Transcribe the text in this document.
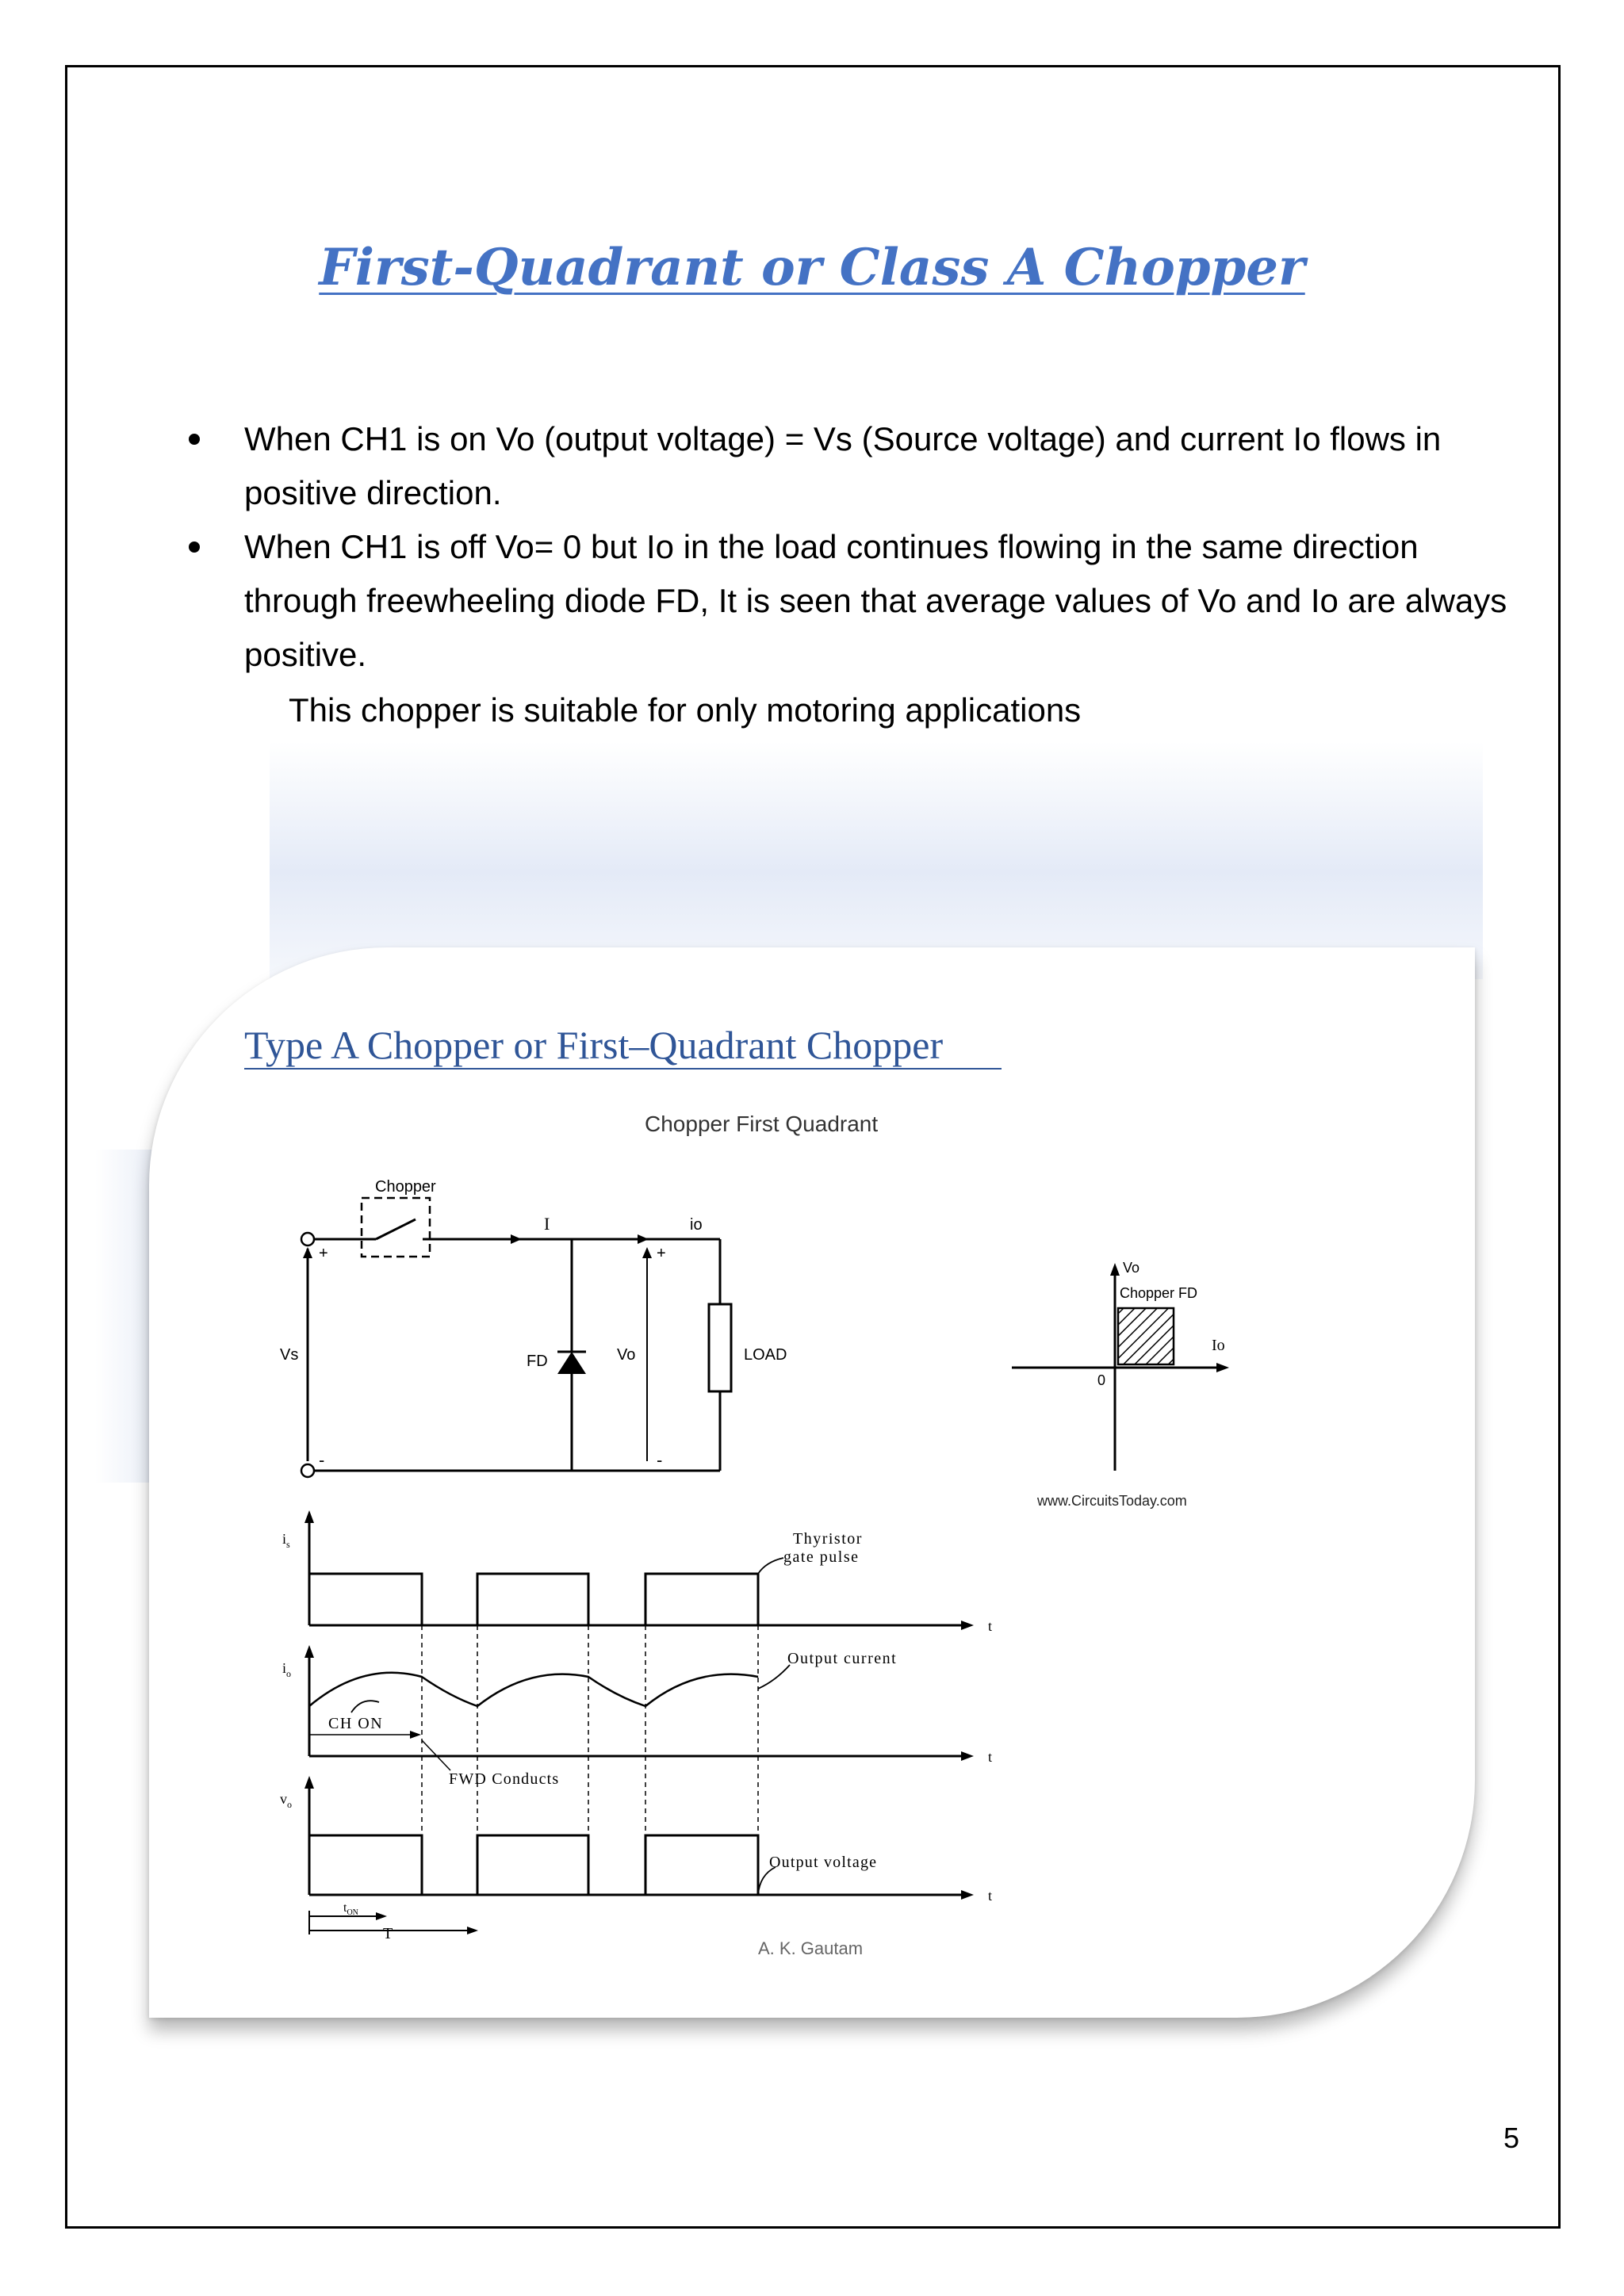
First-Quadrant or Class A Chopper
When CH1 is on Vo (output voltage) = Vs (Source voltage) and current Io flows in positive direction.
When CH1 is off Vo= 0 but Io in the load continues flowing in the same direction through freewheeling diode FD, It is seen that average values of Vo and Io are always positive.
This chopper is suitable for only motoring applications
Type A Chopper or First–Quadrant Chopper
Chopper First Quadrant
Chopper
I	io
Vs	FD	Vo	LOAD
+	+
-	-
Vo
Io
Chopper FD
0
www.CircuitsToday.com
$i_s$
$i_o$
$v_o$
t
t
t
Thyristor
gate pulse
Output current
Output voltage
CH ON
FWD Conducts
$t_{ON}$
T
A. K. Gautam
5
